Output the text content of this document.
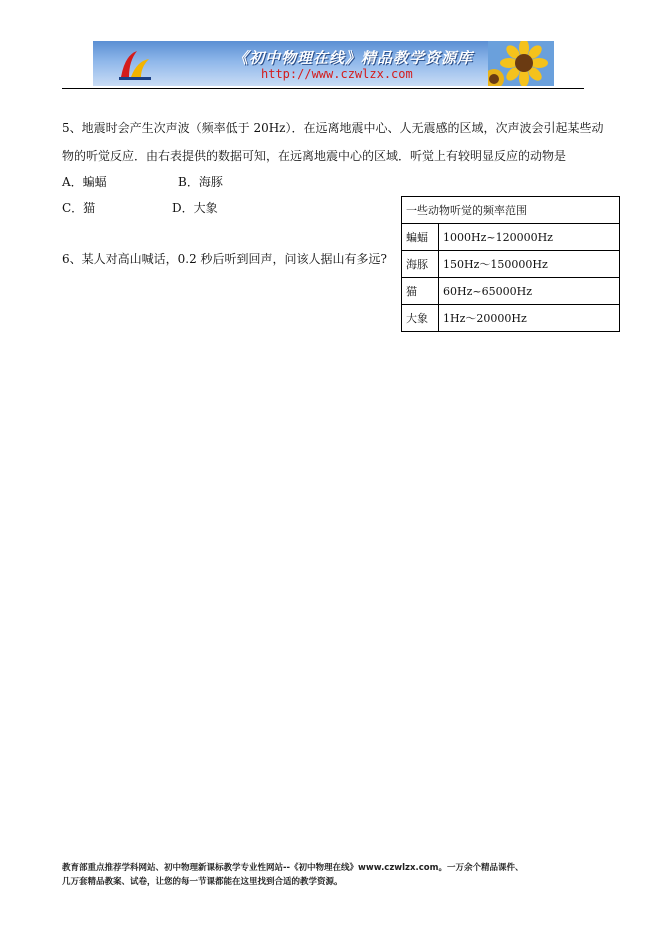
《初中物理在线》精品教学资源库
http://www.czwlzx.com
5、地震时会产生次声波（频率低于 20Hz）．在远离地震中心、人无震感的区域，次声波会引起某些动
物的听觉反应．由右表提供的数据可知，在远离地震中心的区域．听觉上有较明显反应的动物是
A．蝙蝠	B．海豚
C．猫	D．大象
6、某人对高山喊话，0.2 秒后听到回声，问该人据山有多远?
一些动物听觉的频率范围	
蝙蝠	1000Hz~120000Hz
海豚	150Hz～150000Hz
猫	60Hz~65000Hz
大象	1Hz～20000Hz
教育部重点推荐学科网站、初中物理新课标教学专业性网站--《初中物理在线》www.czwlzx.com。一万余个精品课件、
几万套精品教案、试卷，让您的每一节课都能在这里找到合适的教学资源。
